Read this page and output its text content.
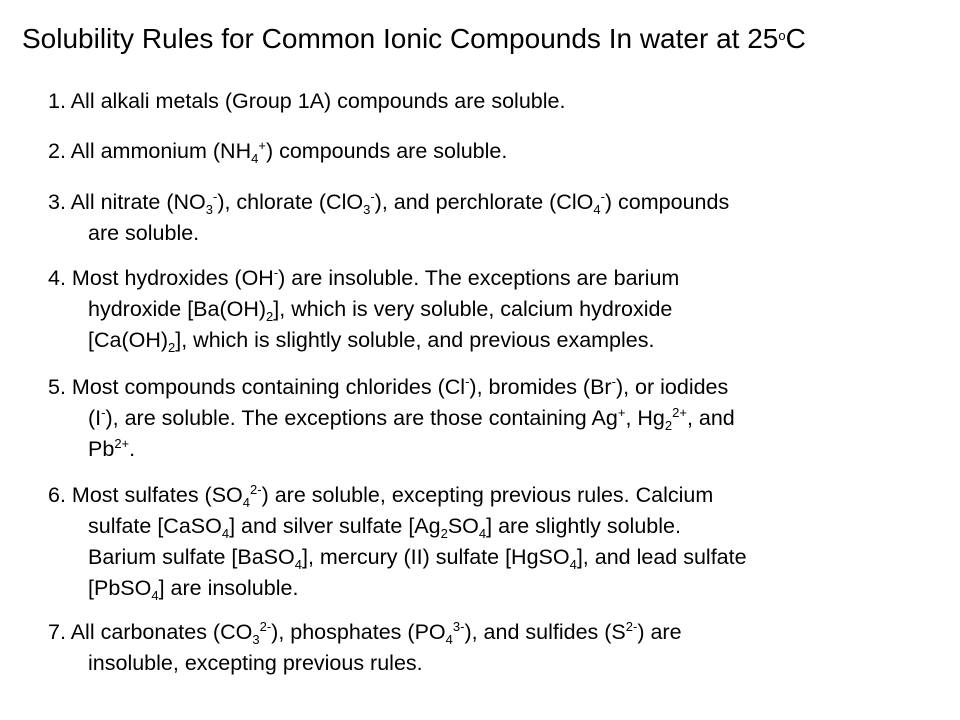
Solubility Rules for Common Ionic Compounds In water at 25$^o$C
1. All alkali metals (Group 1A) compounds are soluble.
2. All ammonium $(NH_4^+)$ compounds are soluble.
3. All nitrate $(NO_3^-)$, chlorate (ClO$_3$-), and perchlorate (ClO$_4$-) compounds
are soluble.
4. Most hydroxides (OH-) are insoluble. The exceptions are barium
hydroxide $[Ba(OH)_2]$, which is very soluble, calcium hydroxide
$[Ca(OH)_2]$, which is slightly soluble, and previous examples.
5. Most compounds containing chlorides (Cl-), bromides (Br-), or iodides
(I-), are soluble. The exceptions are those containing Ag+, $Hg_2^{2+}$, and
$Pb^{2+}$.
6. Most sulfates $(SO_4^{2-})$ are soluble, excepting previous rules. Calcium
sulfate [CaSO$_4$] and silver sulfate $[Ag_2SO_4]$ are slightly soluble.
Barium sulfate [BaSO$_4$], mercury (II) sulfate [HgSO$_4$], and lead sulfate
[PbSO$_4$] are insoluble.
7. All carbonates $(CO_3^{2-})$, phosphates $(PO_4^{3-})$, and sulfides $(S^{2-})$ are
insoluble, excepting previous rules.
